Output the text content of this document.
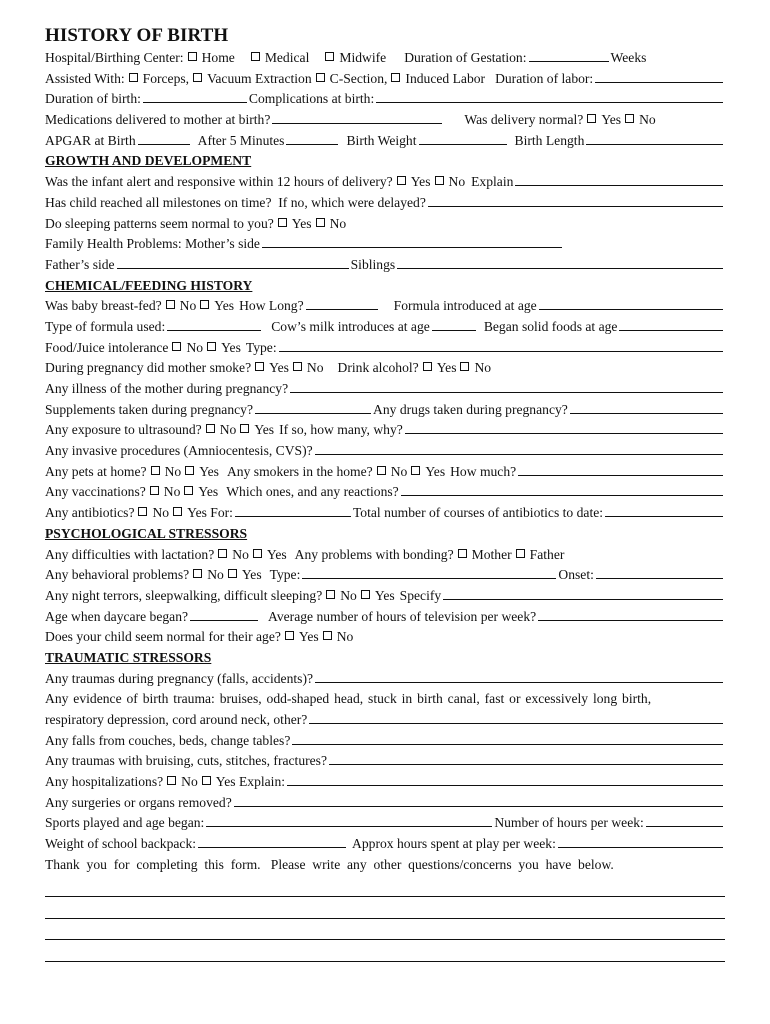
HISTORY OF BIRTH
Hospital/Birthing Center: Home Medical Midwife Duration of Gestation:	Weeks
Assisted With: Forceps, Vacuum Extraction C-Section, Induced Labor Duration of labor:
Duration of birth:	Complications at birth:
Medications delivered to mother at birth?	Was delivery normal? Yes No
APGAR at Birth	After 5 Minutes	Birth Weight	Birth Length
GROWTH AND DEVELOPMENT
Was the infant alert and responsive within 12 hours of delivery? Yes No Explain
Has child reached all milestones on time?  If no, which were delayed?
Do sleeping patterns seem normal to you? Yes No
Family Health Problems: Mother’s side
Father’s side	Siblings
CHEMICAL/FEEDING HISTORY
Was baby breast-fed? No Yes How Long?	Formula introduced at age
Type of formula used:	Cow’s milk introduces at age	Began solid foods at age
Food/Juice intolerance No Yes Type:
During pregnancy did mother smoke? Yes No Drink alcohol? Yes No
Any illness of the mother during pregnancy?
Supplements taken during pregnancy?	Any drugs taken during pregnancy?
Any exposure to ultrasound? No Yes If so, how many, why?
Any invasive procedures (Amniocentesis, CVS)?
Any pets at home? No Yes Any smokers in the home? No Yes How much?
Any vaccinations? No Yes Which ones, and any reactions?
Any antibiotics? No Yes For:	Total number of courses of antibiotics to date:
PSYCHOLOGICAL STRESSORS
Any difficulties with lactation? No Yes Any problems with bonding? Mother Father
Any behavioral problems? No Yes Type:	Onset:
Any night terrors, sleepwalking, difficult sleeping? No Yes Specify
Age when daycare began?	Average number of hours of television per week?
Does your child seem normal for their age? Yes No
TRAUMATIC STRESSORS
Any traumas during pregnancy (falls, accidents)?
Any evidence of birth trauma: bruises, odd-shaped head, stuck in birth canal, fast or excessively long birth,
respiratory depression, cord around neck, other?
Any falls from couches, beds, change tables?
Any traumas with bruising, cuts, stitches, fractures?
Any hospitalizations? No Yes Explain:
Any surgeries or organs removed?
Sports played and age began:	Number of hours per week:
Weight of school backpack:	Approx hours spent at play per week:
Thank  you  for  completing  this  form.   Please  write  any  other  questions/concerns  you  have  below.
